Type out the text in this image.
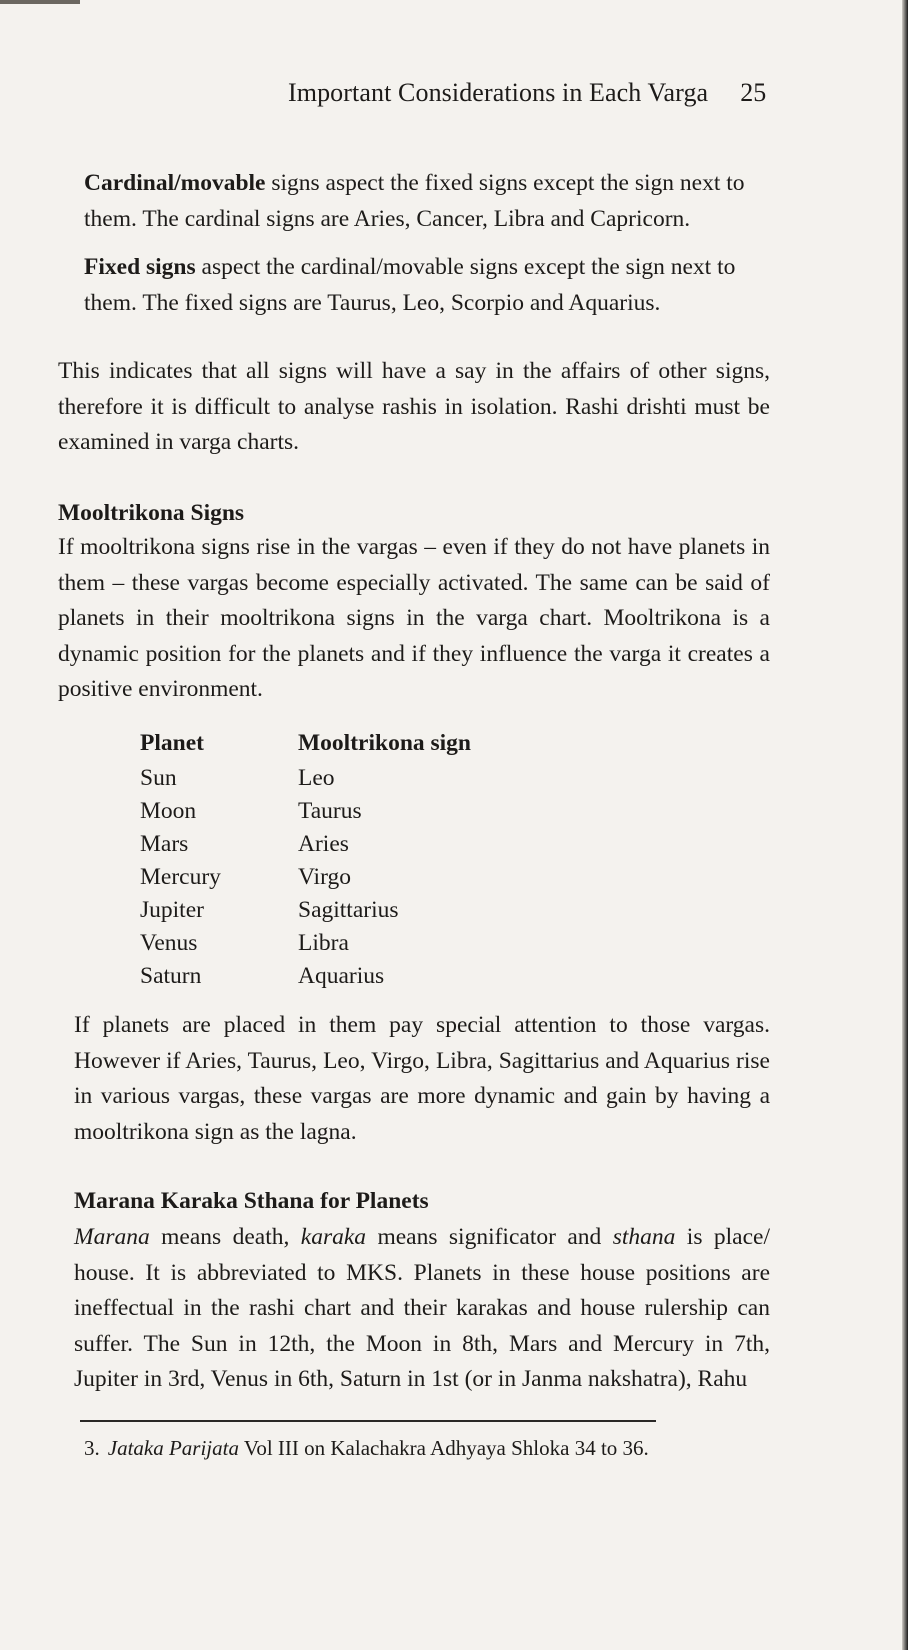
Important Considerations in Each Varga 25
Cardinal/movable signs aspect the fixed signs except the sign next to them. The cardinal signs are Aries, Cancer, Libra and Capricorn.
Fixed signs aspect the cardinal/movable signs except the sign next to them. The fixed signs are Taurus, Leo, Scorpio and Aquarius.
This indicates that all signs will have a say in the affairs of other signs, therefore it is difficult to analyse rashis in isolation. Rashi drishti must be examined in varga charts.
Mooltrikona Signs
If mooltrikona signs rise in the vargas – even if they do not have planets in them – these vargas become especially activated. The same can be said of planets in their mooltrikona signs in the varga chart. Mooltrikona is a dynamic position for the planets and if they influence the varga it creates a positive environment.
Planet	Mooltrikona sign
Sun	Leo
Moon	Taurus
Mars	Aries
Mercury	Virgo
Jupiter	Sagittarius
Venus	Libra
Saturn	Aquarius
If planets are placed in them pay special attention to those vargas. However if Aries, Taurus, Leo, Virgo, Libra, Sagittarius and Aquarius rise in various vargas, these vargas are more dynamic and gain by having a mooltrikona sign as the lagna.
Marana Karaka Sthana for Planets
Marana means death, karaka means significator and sthana is place/ house. It is abbreviated to MKS. Planets in these house positions are ineffectual in the rashi chart and their karakas and house rulership can suffer. The Sun in 12th, the Moon in 8th, Mars and Mercury in 7th, Jupiter in 3rd, Venus in 6th, Saturn in 1st (or in Janma nakshatra), Rahu
3. Jataka Parijata Vol III on Kalachakra Adhyaya Shloka 34 to 36.
